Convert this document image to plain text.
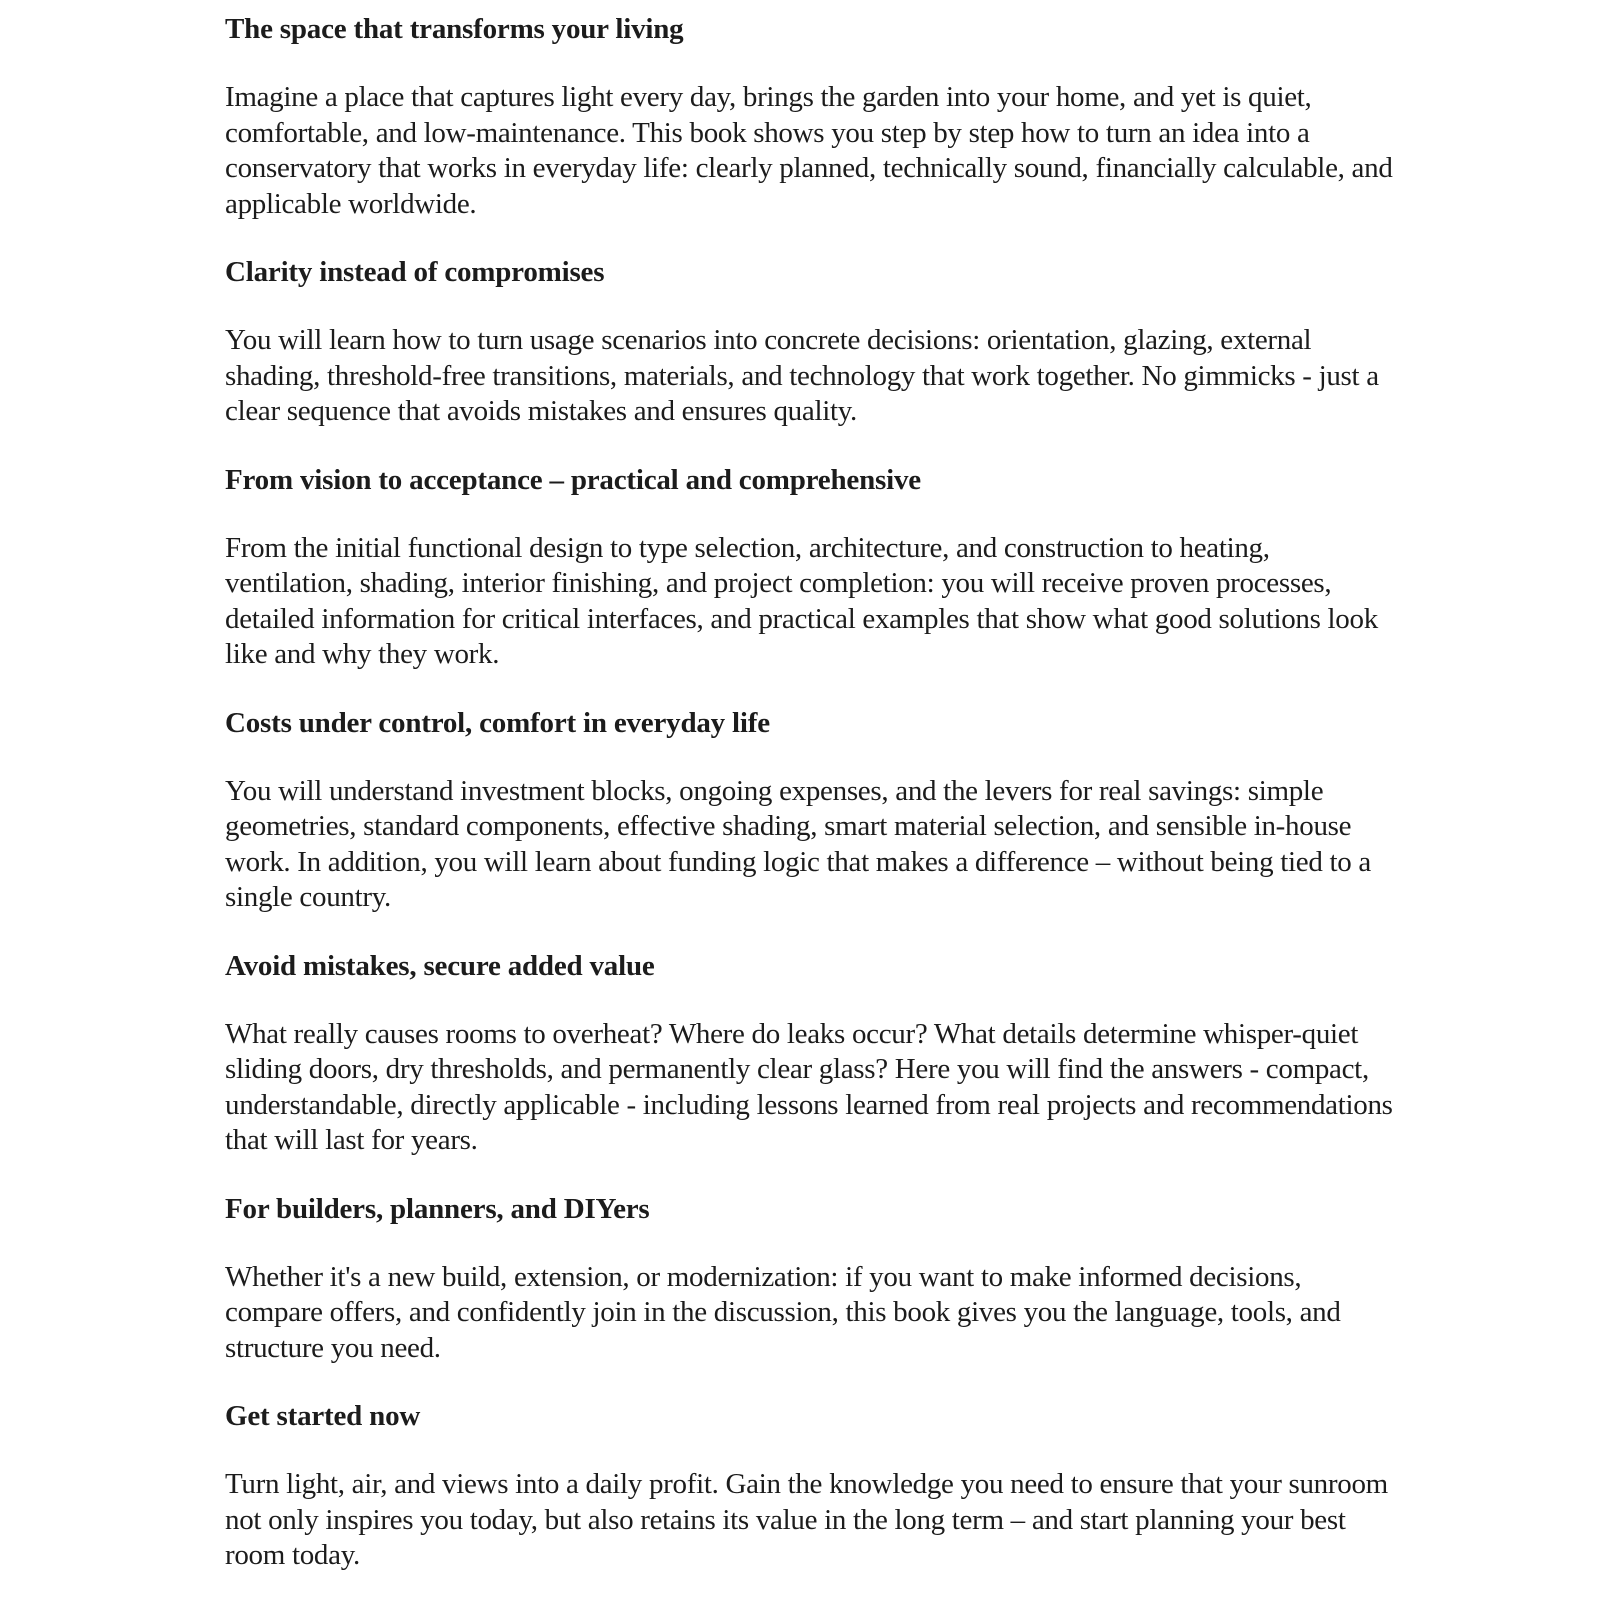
The space that transforms your living

Imagine a place that captures light every day, brings the garden into your home, and yet is quiet, comfortable, and low-maintenance. This book shows you step by step how to turn an idea into a conservatory that works in everyday life: clearly planned, technically sound, financially calculable, and applicable worldwide.

Clarity instead of compromises

You will learn how to turn usage scenarios into concrete decisions: orientation, glazing, external shading, threshold-free transitions, materials, and technology that work together. No gimmicks - just a clear sequence that avoids mistakes and ensures quality.

From vision to acceptance – practical and comprehensive

From the initial functional design to type selection, architecture, and construction to heating, ventilation, shading, interior finishing, and project completion: you will receive proven processes, detailed information for critical interfaces, and practical examples that show what good solutions look like and why they work.

Costs under control, comfort in everyday life

You will understand investment blocks, ongoing expenses, and the levers for real savings: simple geometries, standard components, effective shading, smart material selection, and sensible in-house work. In addition, you will learn about funding logic that makes a difference – without being tied to a single country.

Avoid mistakes, secure added value

What really causes rooms to overheat? Where do leaks occur? What details determine whisper-quiet sliding doors, dry thresholds, and permanently clear glass? Here you will find the answers - compact, understandable, directly applicable - including lessons learned from real projects and recommendations that will last for years.

For builders, planners, and DIYers

Whether it's a new build, extension, or modernization: if you want to make informed decisions, compare offers, and confidently join in the discussion, this book gives you the language, tools, and structure you need.

Get started now

Turn light, air, and views into a daily profit. Gain the knowledge you need to ensure that your sunroom not only inspires you today, but also retains its value in the long term – and start planning your best room today.
